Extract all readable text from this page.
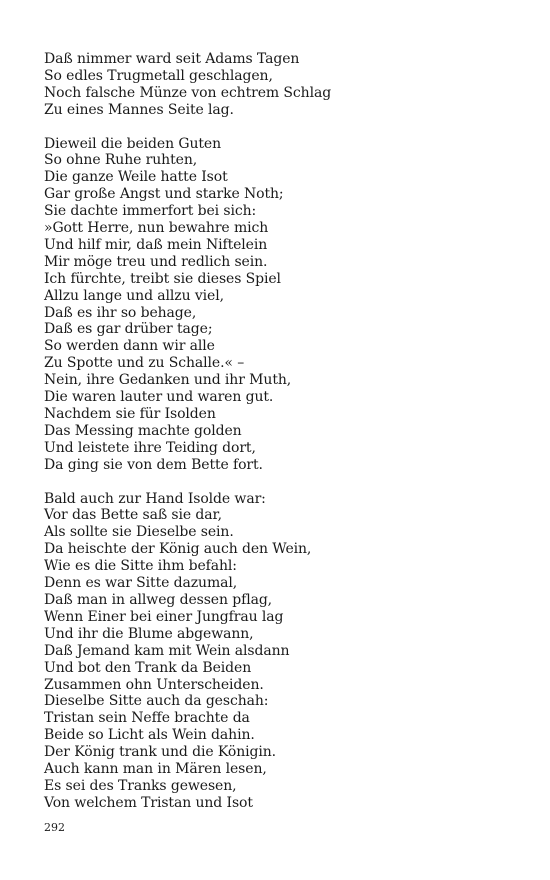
Daß nimmer ward seit Adams Tagen
So edles Trugmetall geschlagen,
Noch falsche Münze von echtrem Schlag
Zu eines Mannes Seite lag.
Dieweil die beiden Guten
So ohne Ruhe ruhten,
Die ganze Weile hatte Isot
Gar große Angst und starke Noth;
Sie dachte immerfort bei sich:
»Gott Herre, nun bewahre mich
Und hilf mir, daß mein Niftelein
Mir möge treu und redlich sein.
Ich fürchte, treibt sie dieses Spiel
Allzu lange und allzu viel,
Daß es ihr so behage,
Daß es gar drüber tage;
So werden dann wir alle
Zu Spotte und zu Schalle.« –
Nein, ihre Gedanken und ihr Muth,
Die waren lauter und waren gut.
Nachdem sie für Isolden
Das Messing machte golden
Und leistete ihre Teiding dort,
Da ging sie von dem Bette fort.
Bald auch zur Hand Isolde war:
Vor das Bette saß sie dar,
Als sollte sie Dieselbe sein.
Da heischte der König auch den Wein,
Wie es die Sitte ihm befahl:
Denn es war Sitte dazumal,
Daß man in allweg dessen pflag,
Wenn Einer bei einer Jungfrau lag
Und ihr die Blume abgewann,
Daß Jemand kam mit Wein alsdann
Und bot den Trank da Beiden
Zusammen ohn Unterscheiden.
Dieselbe Sitte auch da geschah:
Tristan sein Neffe brachte da
Beide so Licht als Wein dahin.
Der König trank und die Königin.
Auch kann man in Mären lesen,
Es sei des Tranks gewesen,
Von welchem Tristan und Isot
292
